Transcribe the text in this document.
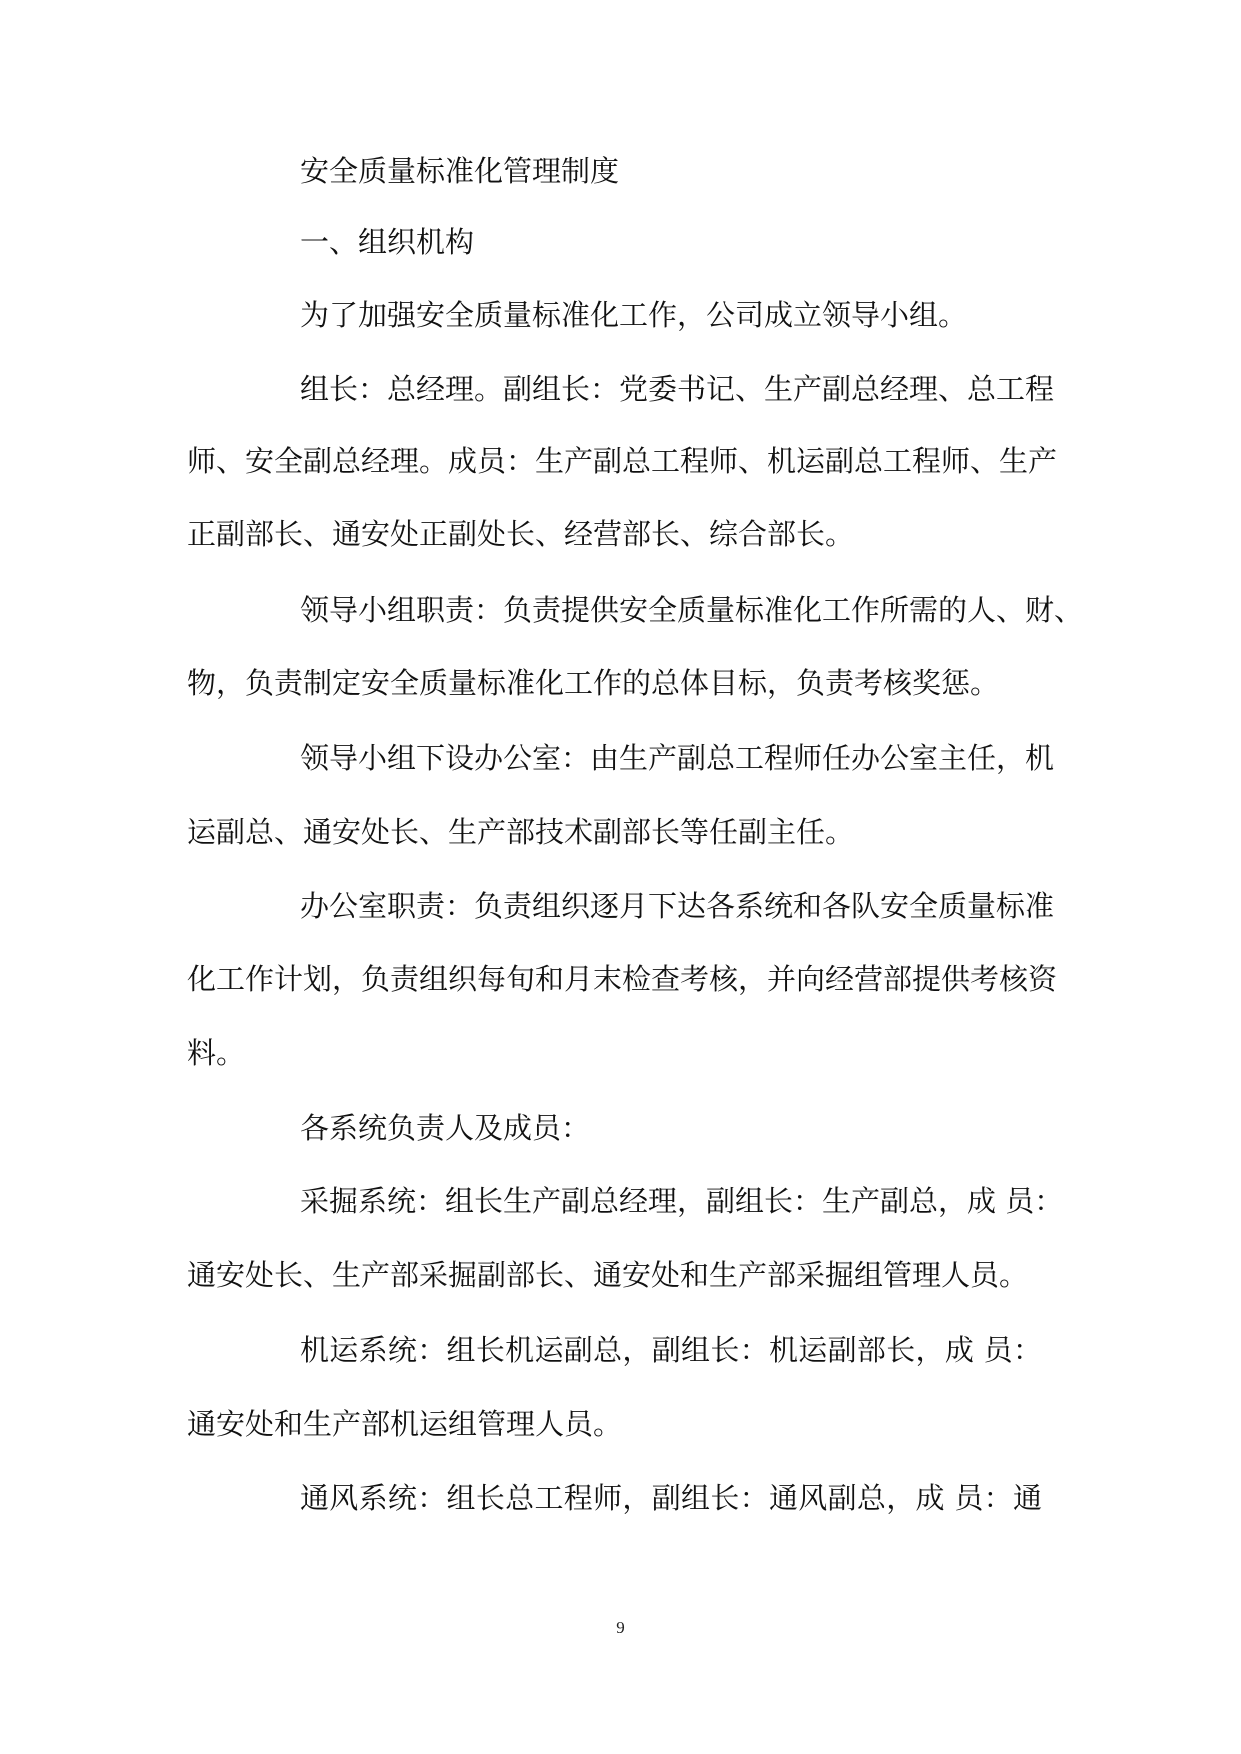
安全质量标准化管理制度
一、组织机构
为了加强安全质量标准化工作，公司成立领导小组。
组长：总经理。副组长：党委书记、生产副总经理、总工程
师、安全副总经理。成员：生产副总工程师、机运副总工程师、生产
正副部长、通安处正副处长、经营部长、综合部长。
领导小组职责：负责提供安全质量标准化工作所需的人、财、
物，负责制定安全质量标准化工作的总体目标，负责考核奖惩。
领导小组下设办公室：由生产副总工程师任办公室主任，机
运副总、通安处长、生产部技术副部长等任副主任。
办公室职责：负责组织逐月下达各系统和各队安全质量标准
化工作计划，负责组织每旬和月末检查考核，并向经营部提供考核资
料。
各系统负责人及成员：
采掘系统：组长生产副总经理，副组长：生产副总，成 员：
通安处长、生产部采掘副部长、通安处和生产部采掘组管理人员。
机运系统：组长机运副总，副组长：机运副部长，成 员：
通安处和生产部机运组管理人员。
通风系统：组长总工程师，副组长：通风副总，成 员：通
9
